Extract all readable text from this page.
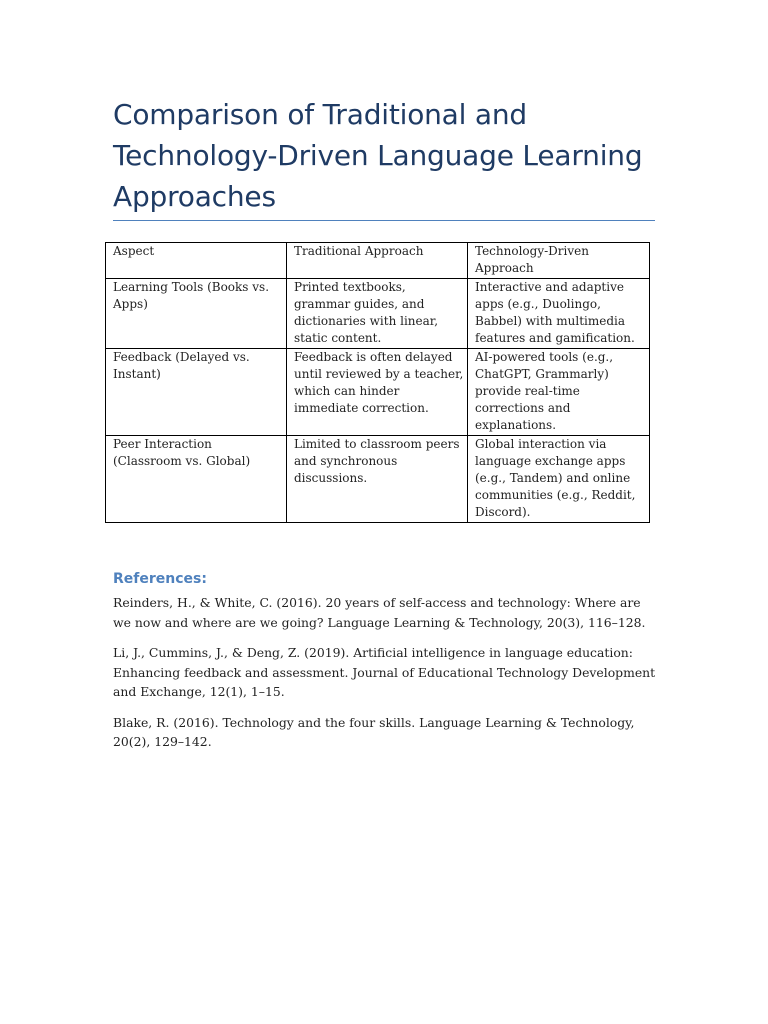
Comparison of Traditional and Technology-Driven Language Learning Approaches
Aspect	Traditional Approach	Technology-Driven Approach
Learning Tools (Books vs. Apps)	Printed textbooks, grammar guides, and dictionaries with linear, static content.	Interactive and adaptive apps (e.g., Duolingo, Babbel) with multimedia features and gamification.
Feedback (Delayed vs. Instant)	Feedback is often delayed until reviewed by a teacher, which can hinder immediate correction.	AI-powered tools (e.g., ChatGPT, Grammarly) provide real-time corrections and explanations.
Peer Interaction (Classroom vs. Global)	Limited to classroom peers and synchronous discussions.	Global interaction via language exchange apps (e.g., Tandem) and online communities (e.g., Reddit, Discord).
References:
Reinders, H., & White, C. (2016). 20 years of self-access and technology: Where are we now and where are we going? Language Learning & Technology, 20(3), 116–128.
Li, J., Cummins, J., & Deng, Z. (2019). Artificial intelligence in language education: Enhancing feedback and assessment. Journal of Educational Technology Development and Exchange, 12(1), 1–15.
Blake, R. (2016). Technology and the four skills. Language Learning & Technology, 20(2), 129–142.
